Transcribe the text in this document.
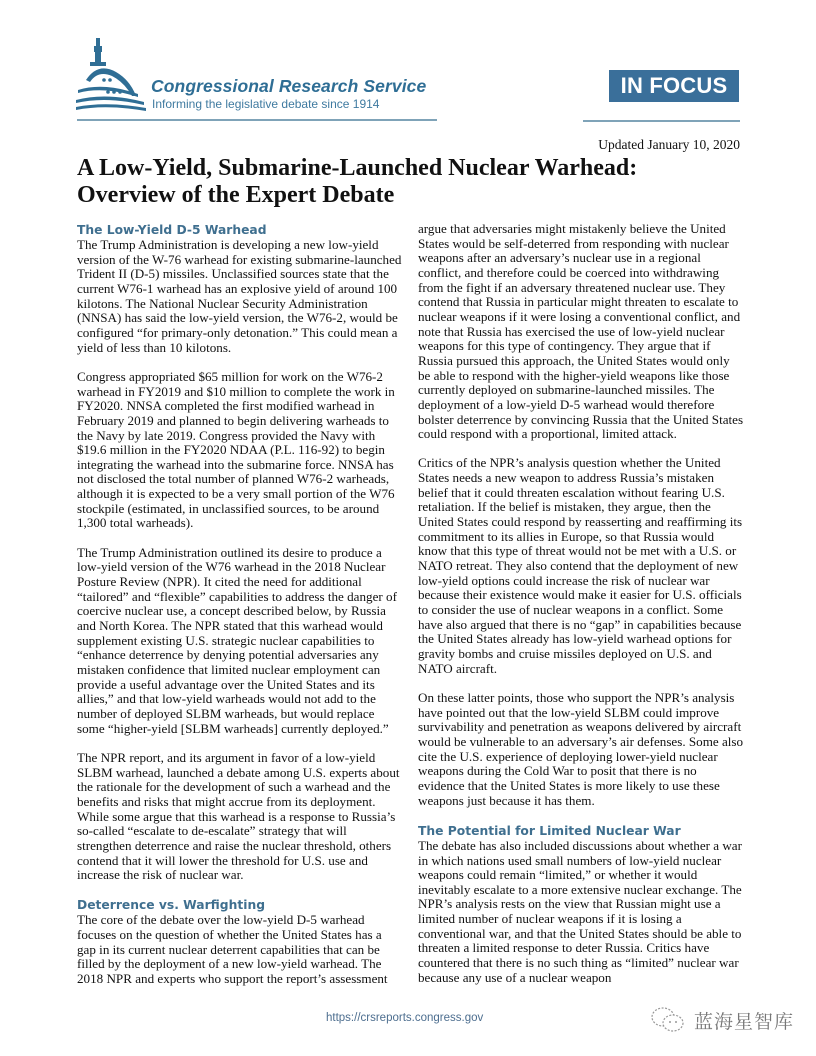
Congressional Research Service
Informing the legislative debate since 1914
IN FOCUS
Updated January 10, 2020
A Low-Yield, Submarine-Launched Nuclear Warhead:
Overview of the Expert Debate
The Low-Yield D-5 Warhead

The Trump Administration is developing a new low-yield version of the W-76 warhead for existing submarine-launched Trident II (D-5) missiles. Unclassified sources state that the current W76-1 warhead has an explosive yield of around 100 kilotons. The National Nuclear Security Administration (NNSA) has said the low-yield version, the W76-2, would be configured “for primary-only detonation.” This could mean a yield of less than 10 kilotons.

Congress appropriated $65 million for work on the W76-2 warhead in FY2019 and $10 million to complete the work in FY2020. NNSA completed the first modified warhead in February 2019 and planned to begin delivering warheads to the Navy by late 2019. Congress provided the Navy with $19.6 million in the FY2020 NDAA (P.L. 116-92) to begin integrating the warhead into the submarine force. NNSA has not disclosed the total number of planned W76-2 warheads, although it is expected to be a very small portion of the W76 stockpile (estimated, in unclassified sources, to be around 1,300 total warheads).

The Trump Administration outlined its desire to produce a low-yield version of the W76 warhead in the 2018 Nuclear Posture Review (NPR). It cited the need for additional “tailored” and “flexible” capabilities to address the danger of coercive nuclear use, a concept described below, by Russia and North Korea. The NPR stated that this warhead would supplement existing U.S. strategic nuclear capabilities to “enhance deterrence by denying potential adversaries any mistaken confidence that limited nuclear employment can provide a useful advantage over the United States and its allies,” and that low-yield warheads would not add to the number of deployed SLBM warheads, but would replace some “higher-yield [SLBM warheads] currently deployed.”

The NPR report, and its argument in favor of a low-yield SLBM warhead, launched a debate among U.S. experts about the rationale for the development of such a warhead and the benefits and risks that might accrue from its deployment. While some argue that this warhead is a response to Russia’s so-called “escalate to de-escalate” strategy that will strengthen deterrence and raise the nuclear threshold, others contend that it will lower the threshold for U.S. use and increase the risk of nuclear war.

Deterrence vs. Warfighting

The core of the debate over the low-yield D-5 warhead focuses on the question of whether the United States has a gap in its current nuclear deterrent capabilities that can be filled by the deployment of a new low-yield warhead. The 2018 NPR and experts who support the report’s assessment

argue that adversaries might mistakenly believe the United States would be self-deterred from responding with nuclear weapons after an adversary’s nuclear use in a regional conflict, and therefore could be coerced into withdrawing from the fight if an adversary threatened nuclear use. They contend that Russia in particular might threaten to escalate to nuclear weapons if it were losing a conventional conflict, and note that Russia has exercised the use of low-yield nuclear weapons for this type of contingency. They argue that if Russia pursued this approach, the United States would only be able to respond with the higher-yield weapons like those currently deployed on submarine-launched missiles. The deployment of a low-yield D-5 warhead would therefore bolster deterrence by convincing Russia that the United States could respond with a proportional, limited attack.

Critics of the NPR’s analysis question whether the United States needs a new weapon to address Russia’s mistaken belief that it could threaten escalation without fearing U.S. retaliation. If the belief is mistaken, they argue, then the United States could respond by reasserting and reaffirming its commitment to its allies in Europe, so that Russia would know that this type of threat would not be met with a U.S. or NATO retreat. They also contend that the deployment of new low-yield options could increase the risk of nuclear war because their existence would make it easier for U.S. officials to consider the use of nuclear weapons in a conflict. Some have also argued that there is no “gap” in capabilities because the United States already has low-yield warhead options for gravity bombs and cruise missiles deployed on U.S. and NATO aircraft.

On these latter points, those who support the NPR’s analysis have pointed out that the low-yield SLBM could improve survivability and penetration as weapons delivered by aircraft would be vulnerable to an adversary’s air defenses. Some also cite the U.S. experience of deploying lower-yield nuclear weapons during the Cold War to posit that there is no evidence that the United States is more likely to use these weapons just because it has them.

The Potential for Limited Nuclear War

The debate has also included discussions about whether a war in which nations used small numbers of low-yield nuclear weapons could remain “limited,” or whether it would inevitably escalate to a more extensive nuclear exchange. The NPR’s analysis rests on the view that Russian might use a limited number of nuclear weapons if it is losing a conventional war, and that the United States should be able to threaten a limited response to deter Russia. Critics have countered that there is no such thing as “limited” nuclear war because any use of a nuclear weapon

https://crsreports.congress.gov	蓝海星智库
